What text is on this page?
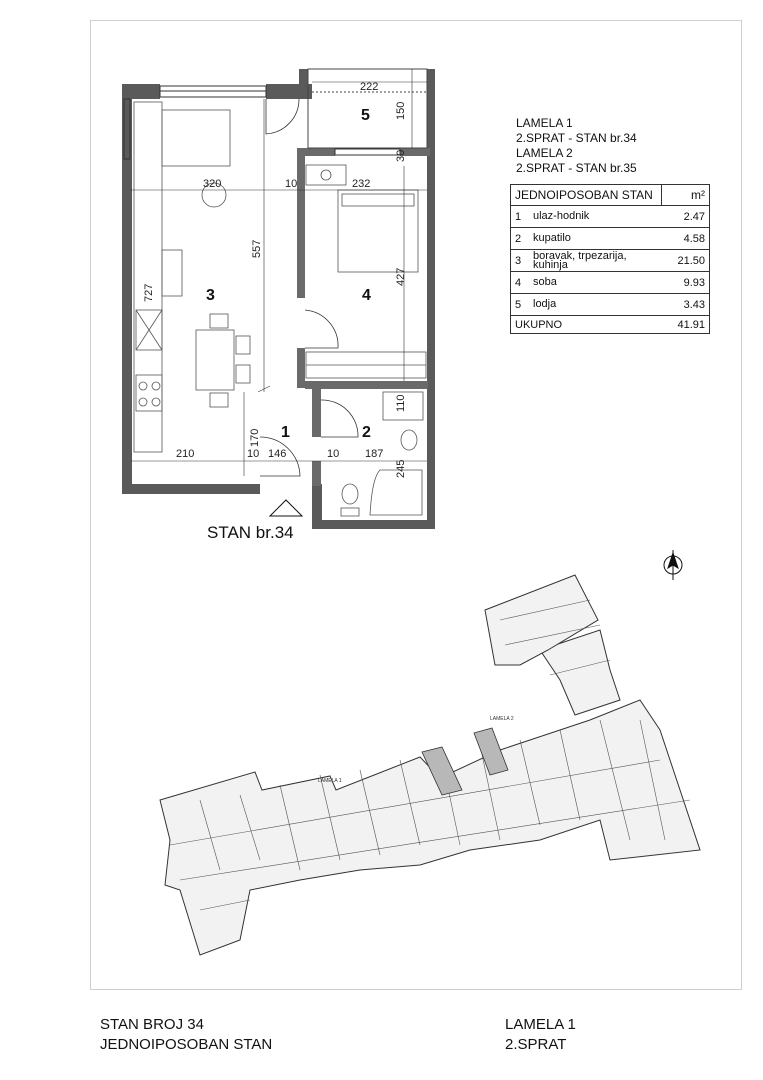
222
150
30
320	10	232
557
427
727
170
110
210	10 146	10 187
245
5
3	4
1	2
LAMELA 1
LAMELA 2
LAMELA 1
2.SPRAT - STAN br.34
LAMELA 2
2.SPRAT - STAN br.35
JEDNOIPOSOBAN STAN		m²
1	ulaz-hodnik	2.47
2	kupatilo	4.58
3	boravak, trpezarija,
kuhinja	21.50
4	soba	9.93
5	lodja	3.43
UKUPNO		41.91
STAN br.34
STAN BROJ 34
JEDNOIPOSOBAN STAN
LAMELA 1
2.SPRAT
